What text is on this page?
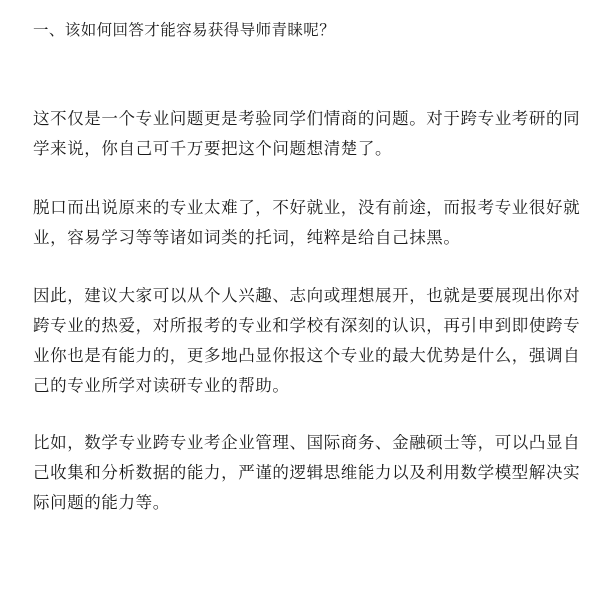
一、该如何回答才能容易获得导师青睐呢？

这不仅是一个专业问题更是考验同学们情商的问题。对于跨专业考研的同
学来说，你自己可千万要把这个问题想清楚了。

脱口而出说原来的专业太难了，不好就业，没有前途，而报考专业很好就
业，容易学习等等诸如词类的托词，纯粹是给自己抹黑。

因此，建议大家可以从个人兴趣、志向或理想展开，也就是要展现出你对
跨专业的热爱，对所报考的专业和学校有深刻的认识，再引申到即使跨专
业你也是有能力的，更多地凸显你报这个专业的最大优势是什么，强调自
己的专业所学对读研专业的帮助。

比如，数学专业跨专业考企业管理、国际商务、金融硕士等，可以凸显自
己收集和分析数据的能力，严谨的逻辑思维能力以及利用数学模型解决实
际问题的能力等。
